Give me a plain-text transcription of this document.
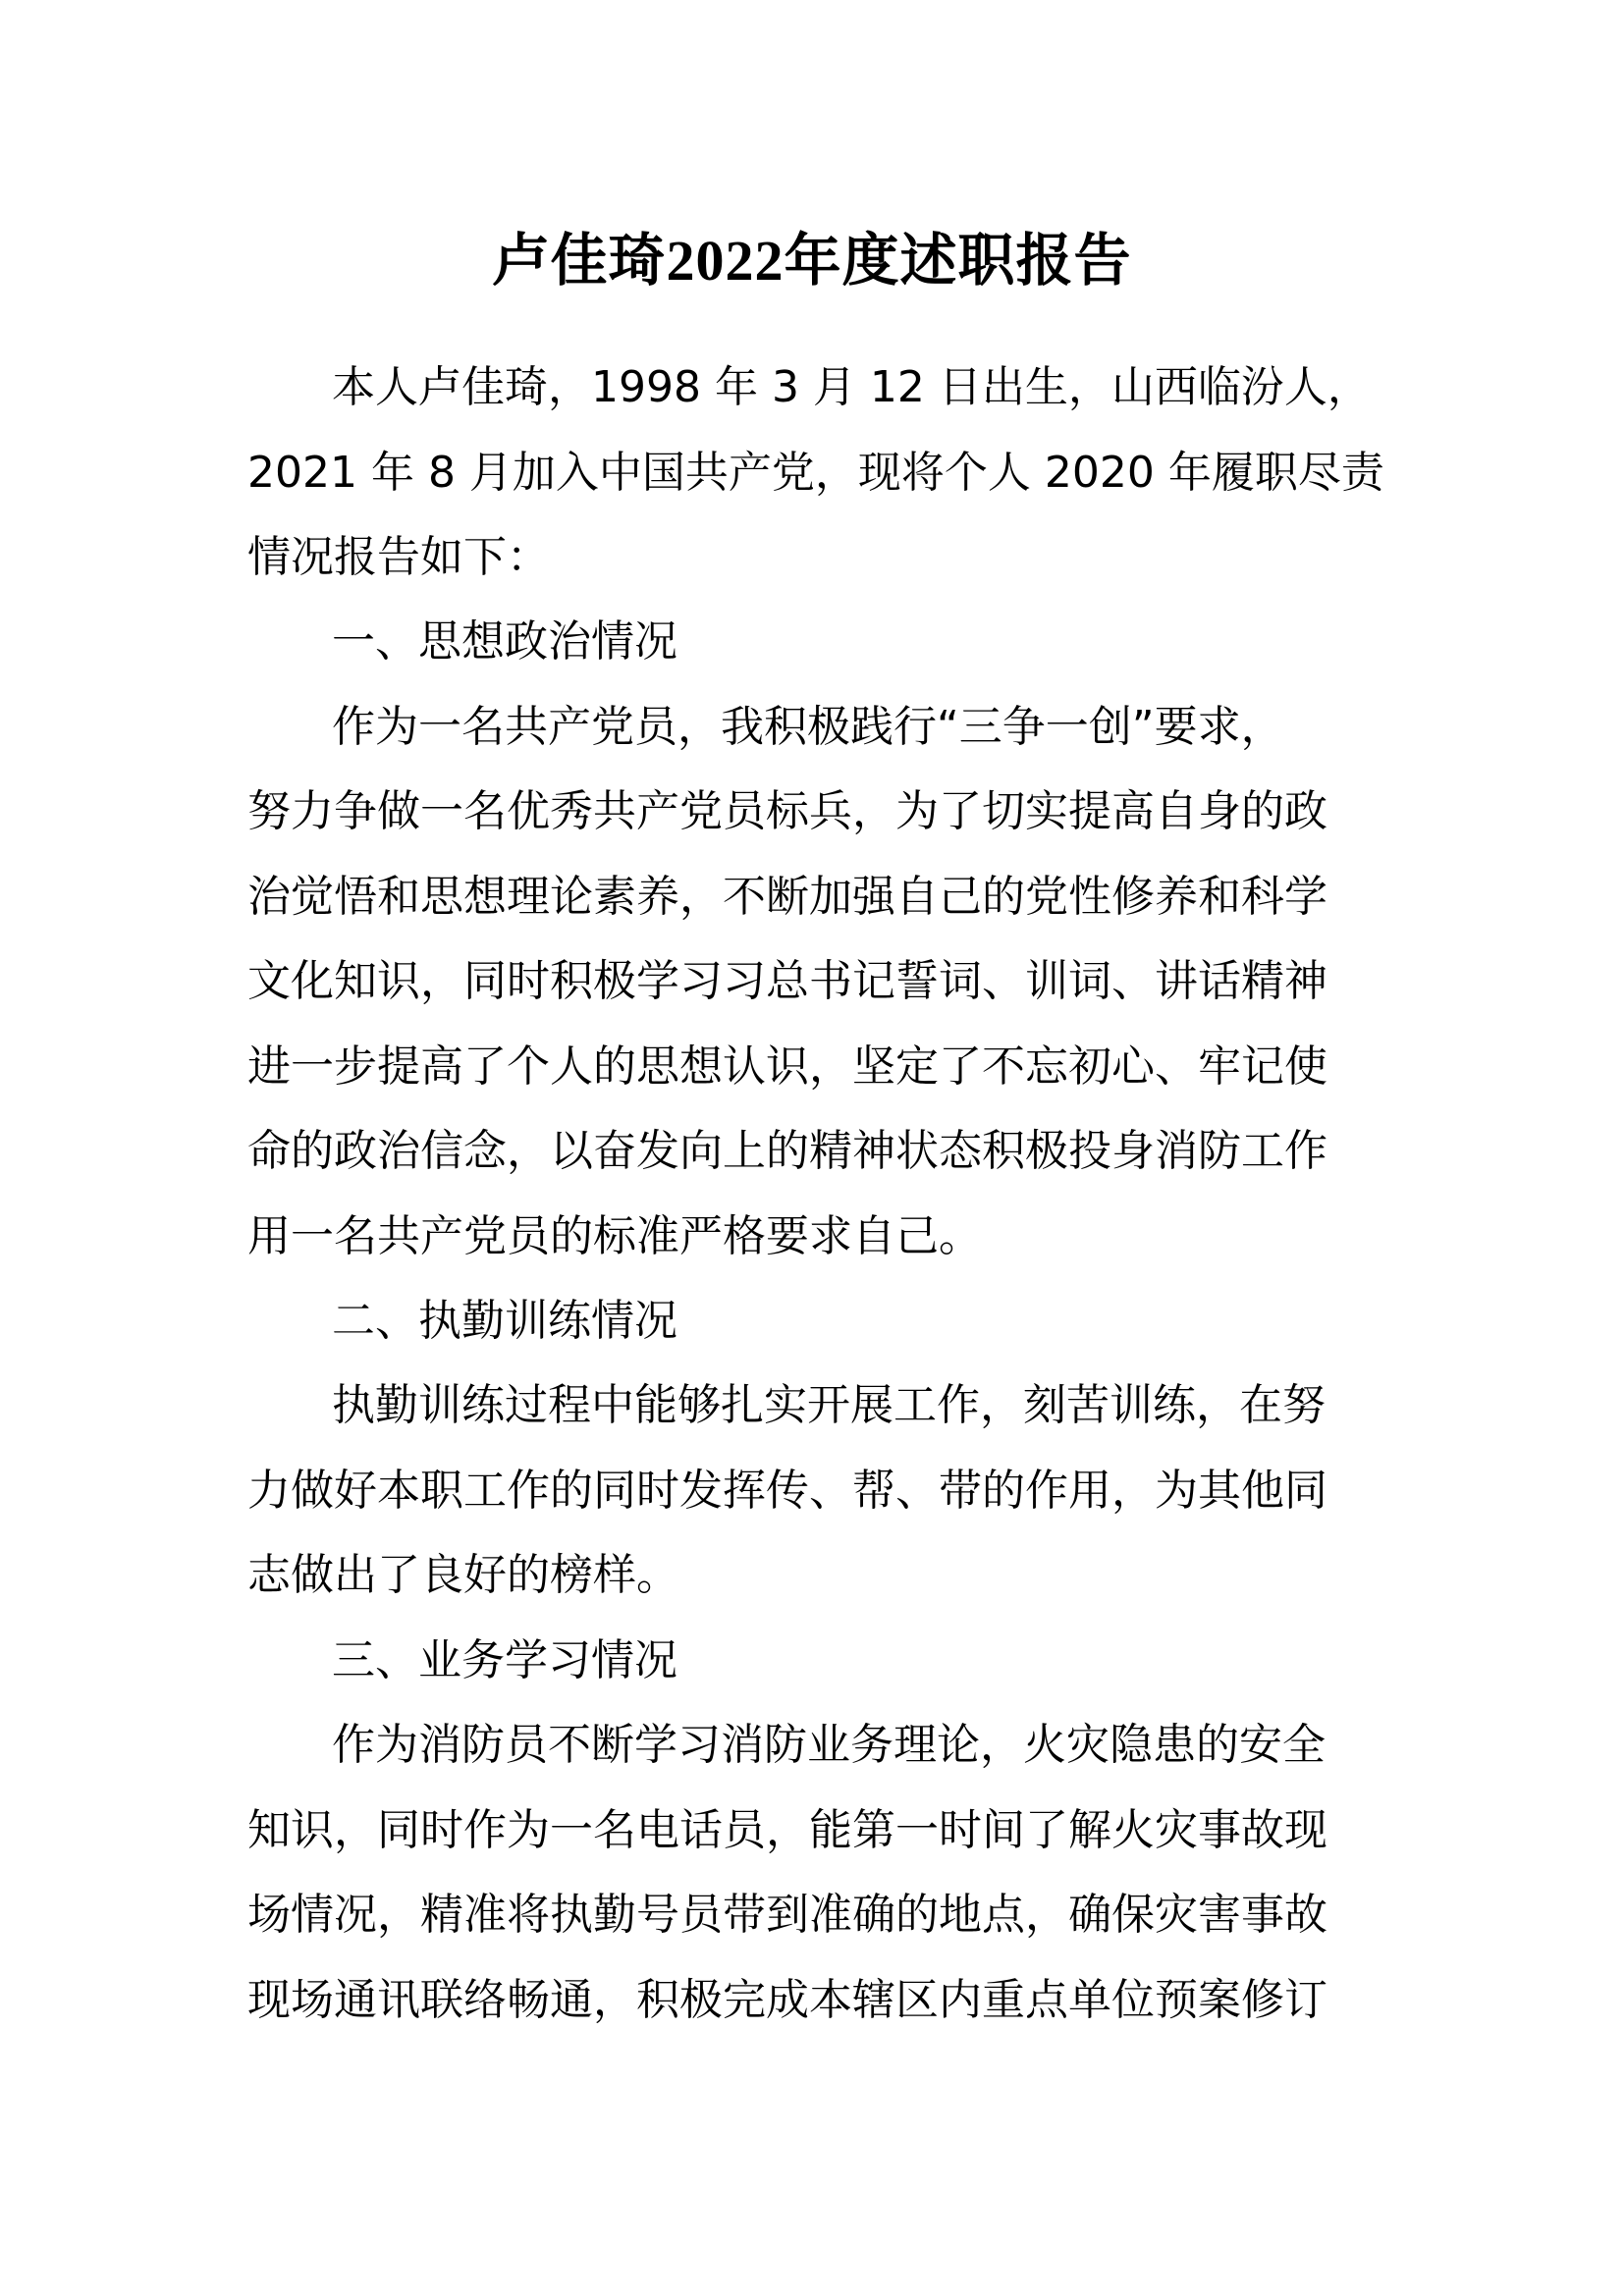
卢佳琦2022年度述职报告
本人卢佳琦，1998 年 3 月 12 日出生，山西临汾人，
2021 年 8 月加入中国共产党，现将个人 2020 年履职尽责
情况报告如下：
一、思想政治情况
作为一名共产党员，我积极践行“三争一创”要求，
努力争做一名优秀共产党员标兵，为了切实提高自身的政
治觉悟和思想理论素养，不断加强自己的党性修养和科学
文化知识，同时积极学习习总书记誓词、训词、讲话精神
进一步提高了个人的思想认识，坚定了不忘初心、牢记使
命的政治信念，以奋发向上的精神状态积极投身消防工作
用一名共产党员的标准严格要求自己。
二、执勤训练情况
执勤训练过程中能够扎实开展工作，刻苦训练，在努
力做好本职工作的同时发挥传、帮、带的作用，为其他同
志做出了良好的榜样。
三、业务学习情况
作为消防员不断学习消防业务理论，火灾隐患的安全
知识，同时作为一名电话员，能第一时间了解火灾事故现
场情况，精准将执勤号员带到准确的地点，确保灾害事故
现场通讯联络畅通，积极完成本辖区内重点单位预案修订
